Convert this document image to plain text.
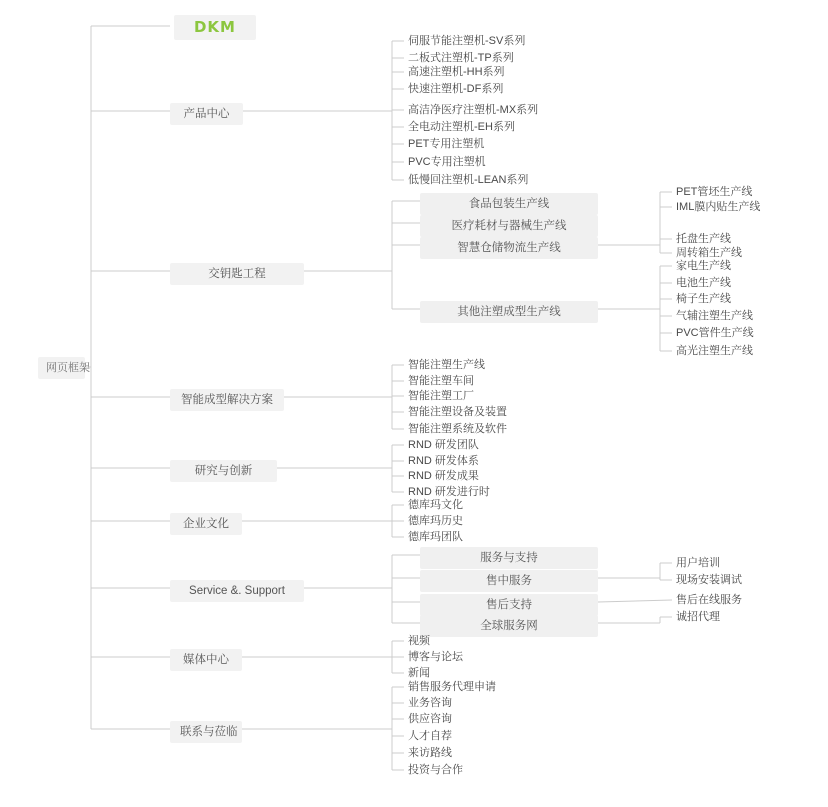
网页框架
DKM
产品中心
交钥匙工程
智能成型解决方案
研究与创新
企业文化
Service &. Support
媒体中心
联系与莅临
伺服节能注塑机-SV系列
二板式注塑机-TP系列
高速注塑机-HH系列
快速注塑机-DF系列
高洁净医疗注塑机-MX系列
全电动注塑机-EH系列
PET专用注塑机
PVC专用注塑机
低慢回注塑机-LEAN系列
食品包装生产线
医疗耗材与器械生产线
智慧仓储物流生产线
其他注塑成型生产线
PET管坯生产线
IML膜内贴生产线
托盘生产线
周转箱生产线
家电生产线
电池生产线
椅子生产线
气辅注塑生产线
PVC管件生产线
高光注塑生产线
智能注塑生产线
智能注塑车间
智能注塑工厂
智能注塑设备及装置
智能注塑系统及软件
RND 研发团队
RND 研发体系
RND 研发成果
RND 研发进行时
德库玛文化
德库玛历史
德库玛团队
服务与支持
售中服务
售后支持
全球服务网
用户培训
现场安装调试
售后在线服务
诚招代理
视频
博客与论坛
新闻
销售服务代理申请
业务咨询
供应咨询
人才自荐
来访路线
投资与合作
